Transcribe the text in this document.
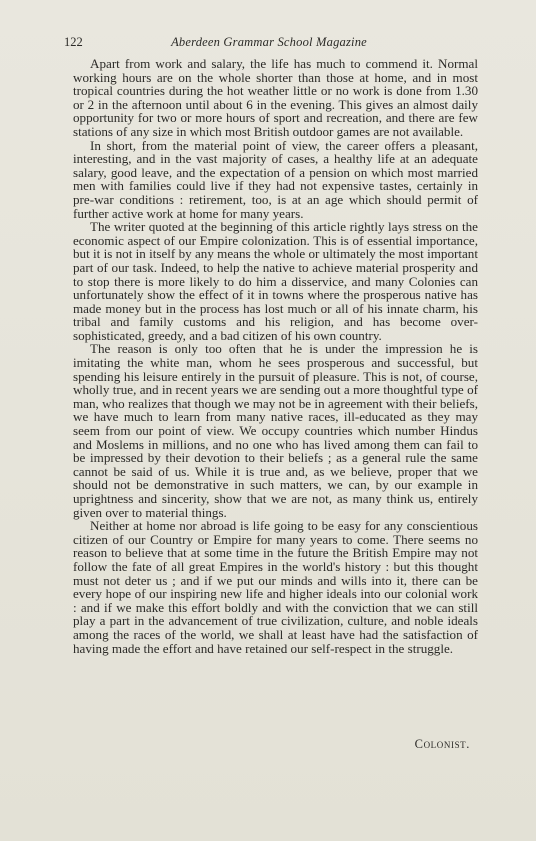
122	Aberdeen Grammar School Magazine

Apart from work and salary, the life has much to commend it. Normal working hours are on the whole shorter than those at home, and in most tropical countries during the hot weather little or no work is done from 1.30 or 2 in the afternoon until about 6 in the evening. This gives an almost daily opportunity for two or more hours of sport and recreation, and there are few stations of any size in which most British outdoor games are not available.

In short, from the material point of view, the career offers a pleasant, interesting, and in the vast majority of cases, a healthy life at an adequate salary, good leave, and the expectation of a pension on which most married men with families could live if they had not expensive tastes, certainly in pre-war conditions : retirement, too, is at an age which should permit of further active work at home for many years.

The writer quoted at the beginning of this article rightly lays stress on the economic aspect of our Empire colonization. This is of essential importance, but it is not in itself by any means the whole or ultimately the most important part of our task. Indeed, to help the native to achieve material prosperity and to stop there is more likely to do him a disservice, and many Colonies can unfortunately show the effect of it in towns where the prosperous native has made money but in the process has lost much or all of his innate charm, his tribal and family customs and his religion, and has become over-sophisticated, greedy, and a bad citizen of his own country.

The reason is only too often that he is under the impression he is imitating the white man, whom he sees prosperous and successful, but spending his leisure entirely in the pursuit of pleasure. This is not, of course, wholly true, and in recent years we are sending out a more thoughtful type of man, who realizes that though we may not be in agreement with their beliefs, we have much to learn from many native races, ill-educated as they may seem from our point of view. We occupy countries which number Hindus and Moslems in millions, and no one who has lived among them can fail to be impressed by their devotion to their beliefs ; as a general rule the same cannot be said of us. While it is true and, as we believe, proper that we should not be demonstrative in such matters, we can, by our example in uprightness and sincerity, show that we are not, as many think us, entirely given over to material things.

Neither at home nor abroad is life going to be easy for any conscientious citizen of our Country or Empire for many years to come. There seems no reason to believe that at some time in the future the British Empire may not follow the fate of all great Empires in the world's history : but this thought must not deter us ; and if we put our minds and wills into it, there can be every hope of our inspiring new life and higher ideals into our colonial work : and if we make this effort boldly and with the conviction that we can still play a part in the advancement of true civilization, culture, and noble ideals among the races of the world, we shall at least have had the satisfaction of having made the effort and have retained our self-respect in the struggle.

Colonist.
